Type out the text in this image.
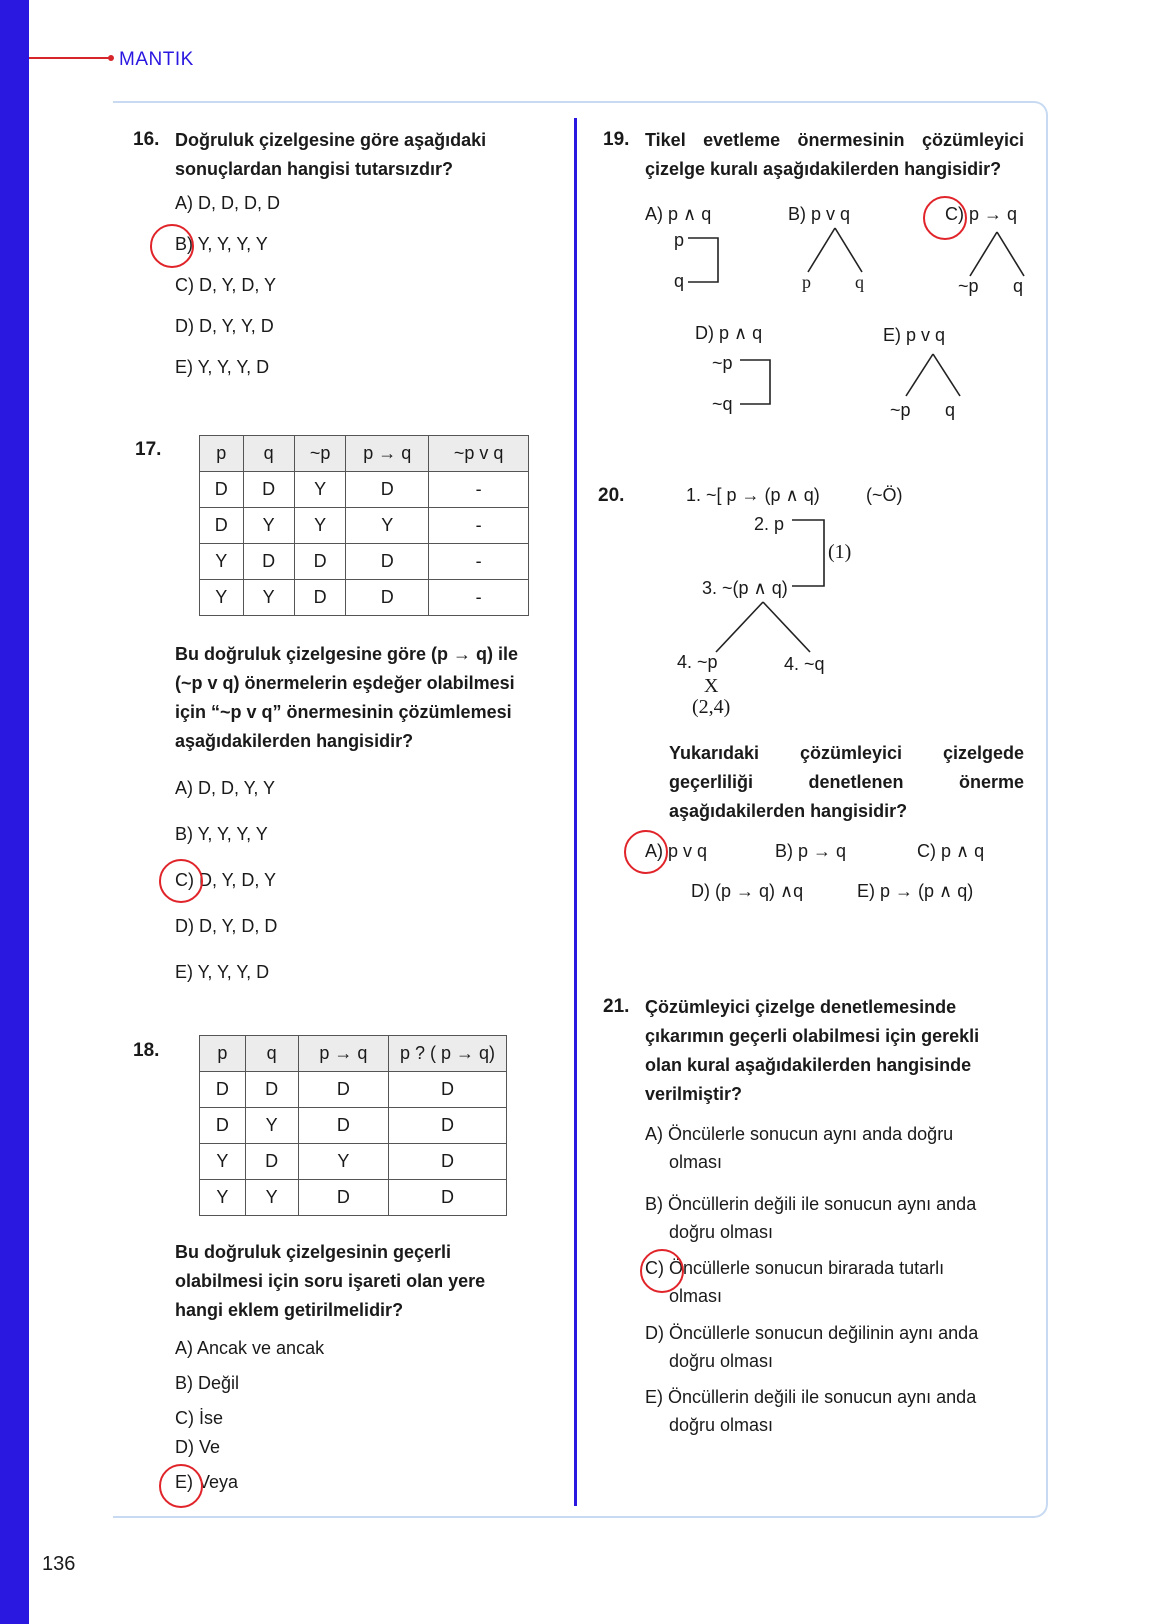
MANTIK
136
16. Doğruluk çizelgesine göre aşağıdaki
sonuçlardan hangisi tutarsızdır?
A) D, D, D, D
B) Y, Y, Y, Y
C) D, Y, D, Y
D) D, Y, Y, D
E) Y, Y, Y, D
17.	p	q	~p	p → q	~p v q
D	D	Y	D	-
D	Y	Y	Y	-
Y	D	D	D	-
Y	Y	D	D	-
Bu doğruluk çizelgesine göre (p → q) ile
(~p v q) önermelerin eşdeğer olabilmesi
için “~p v q” önermesinin çözümlemesi
aşağıdakilerden hangisidir?
A) D, D, Y, Y
B) Y, Y, Y, Y
C) D, Y, D, Y
D) D, Y, D, D
E) Y, Y, Y, D
18.	p	q	p → q	p ? ( p → q)
D	D	D	D
D	Y	D	D
Y	D	Y	D
Y	Y	D	D
Bu doğruluk çizelgesinin geçerli
olabilmesi için soru işareti olan yere
hangi eklem getirilmelidir?
A) Ancak ve ancak
B) Değil
C) İse
D) Ve
E) Veya
19. Tikel evetleme önermesinin çözümleyici
çizelge kuralı aşağıdakilerden hangisidir?
A) p ∧ q
p
q
B) p v q
p q
C) p → q
~p q
D) p ∧ q
~p
~q
E) p v q
~p q
20.	1. ~[ p → (p ∧ q)	(~Ö)
2. p
(1)
3. ~(p ∧ q)
4. ~p	4. ~q
X
(2,4)
Yukarıdaki çözümleyici çizelgede
geçerliliği	denetlenen	önerme
aşağıdakilerden hangisidir?
A) p v q	B) p → q	C) p ∧ q
D) (p → q) ∧q	E) p → (p ∧ q)
21. Çözümleyici çizelge denetlemesinde
çıkarımın geçerli olabilmesi için gerekli
olan kural aşağıdakilerden hangisinde
verilmiştir?
A) Öncülerle sonucun aynı anda doğru
olması
B) Öncüllerin değili ile sonucun aynı anda
doğru olması
C) Öncüllerle sonucun birarada tutarlı
olması
D) Öncüllerle sonucun değilinin aynı anda
doğru olması
E) Öncüllerin değili ile sonucun aynı anda
doğru olması
